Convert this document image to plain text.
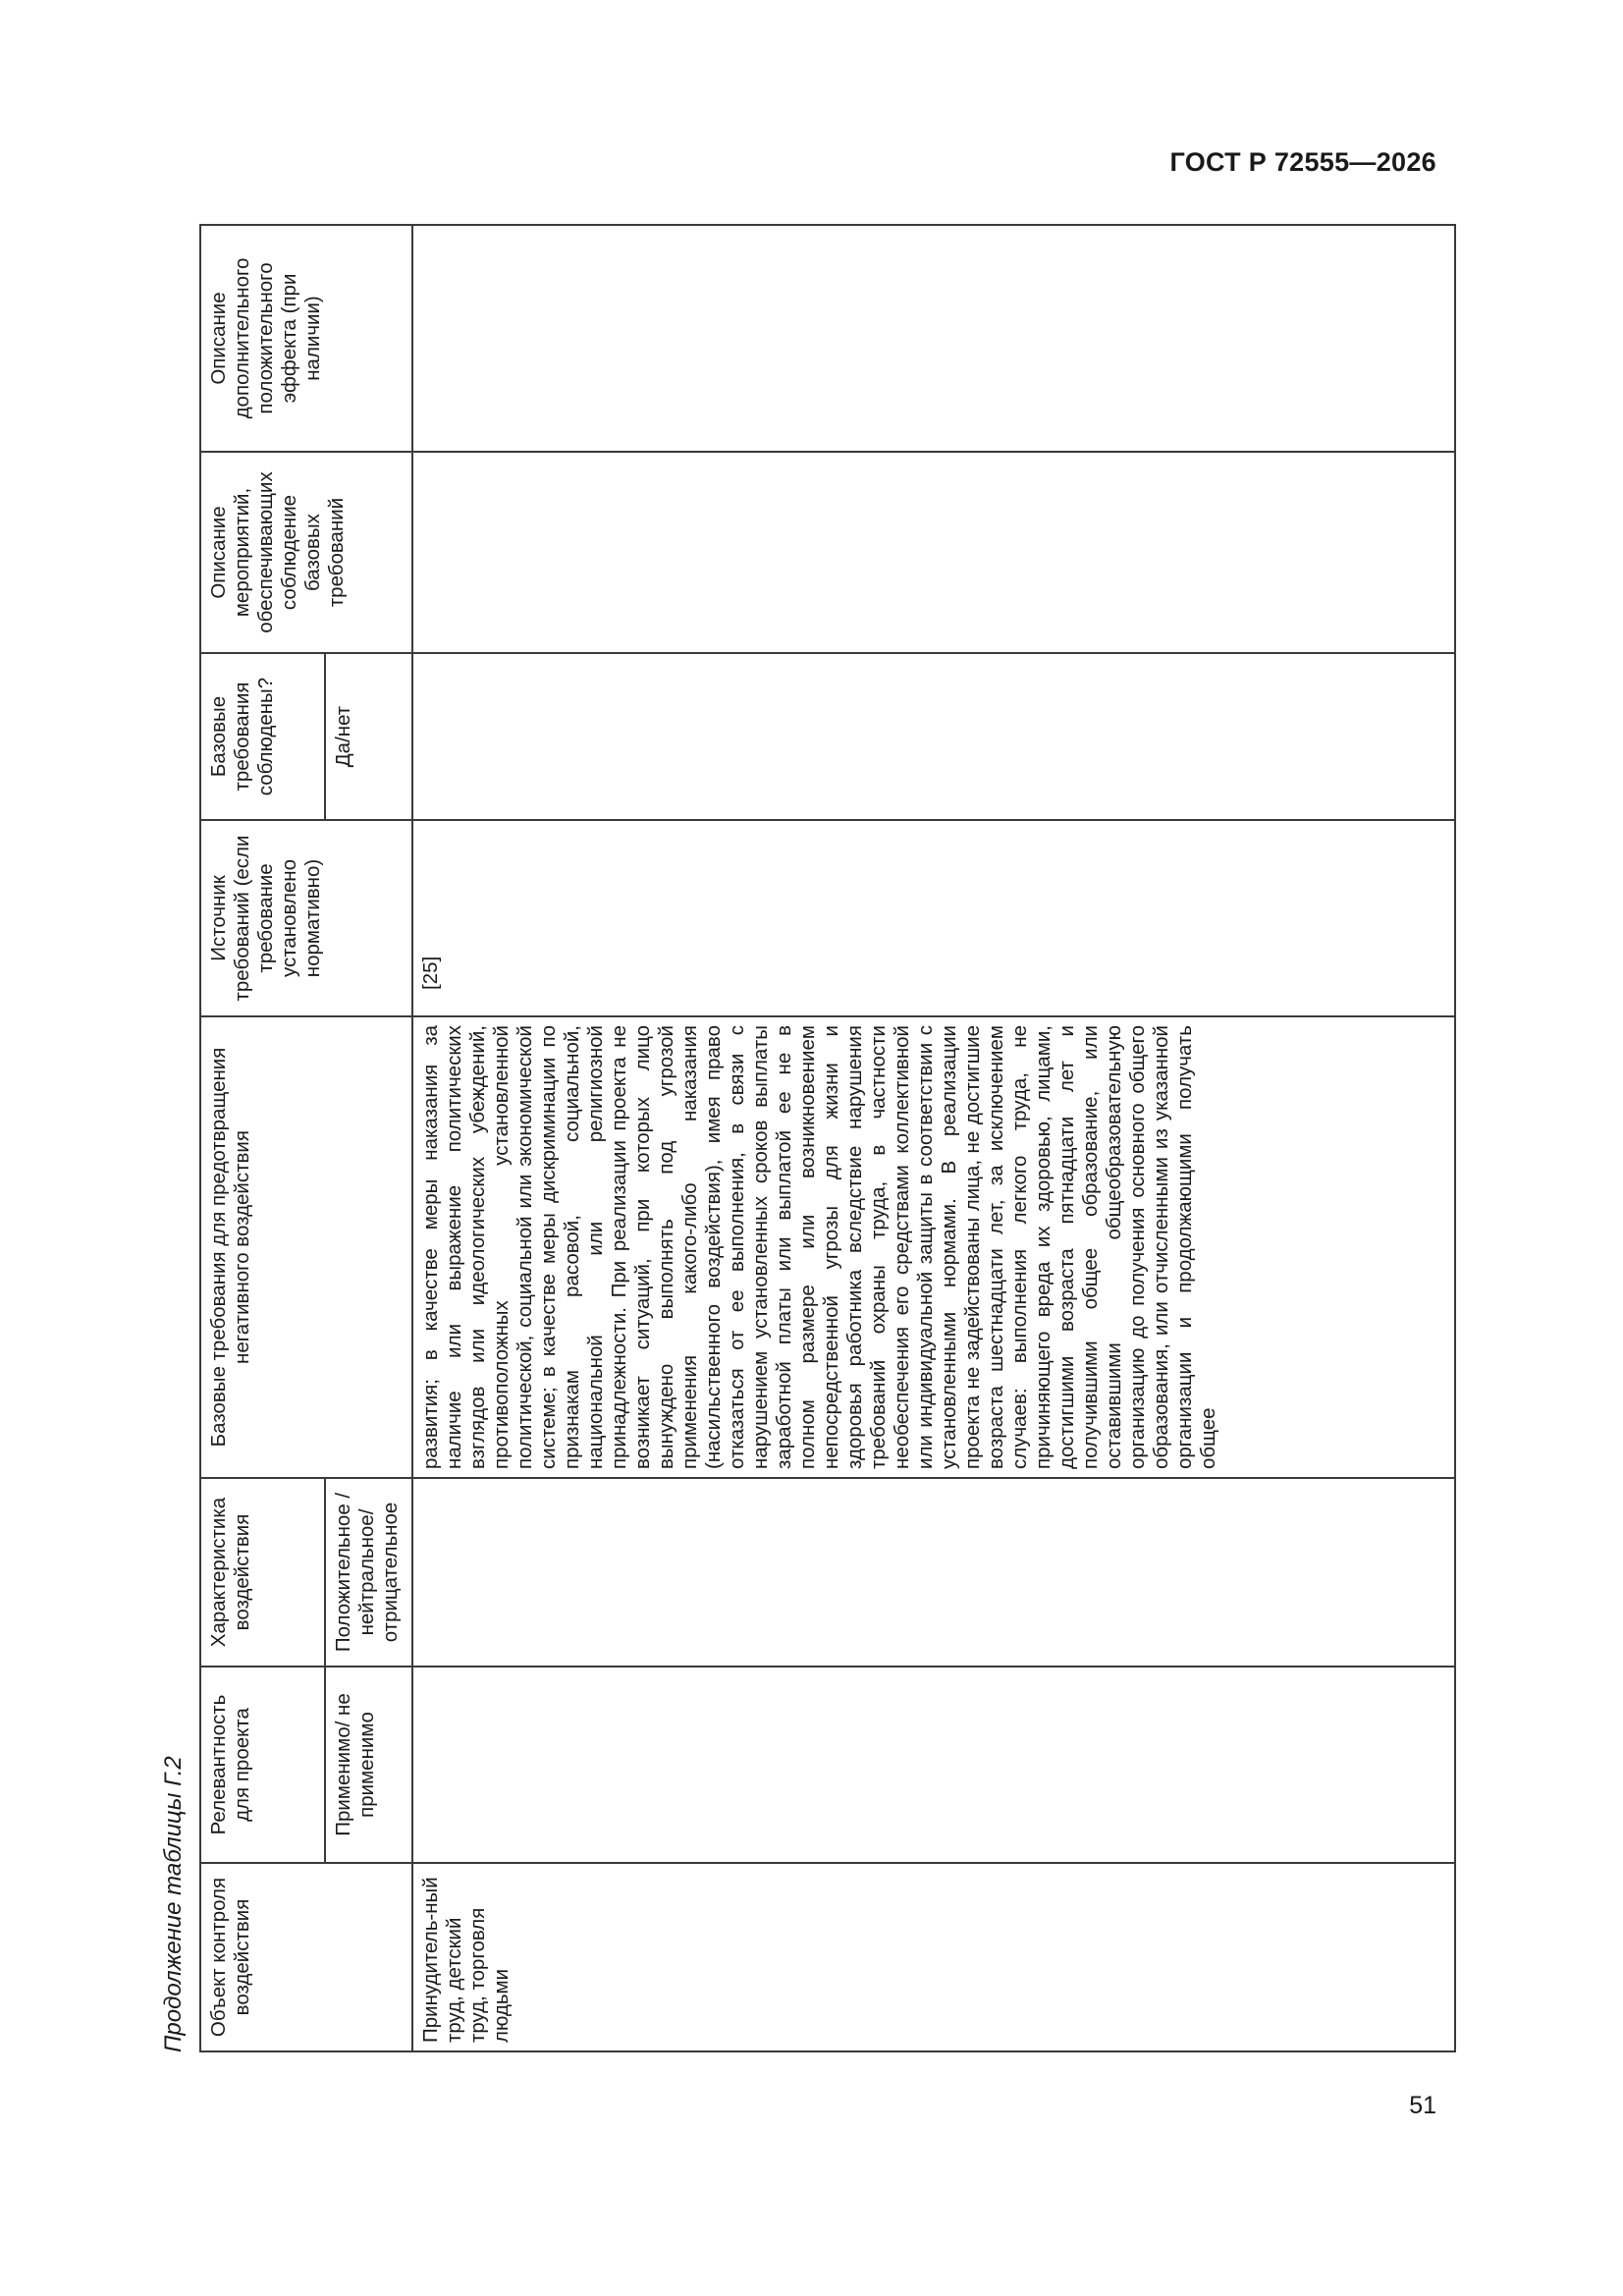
ГОСТ Р 72555—2026
51
Продолжение таблицы Г.2 Объект контроля воздействия	Релевантность для проекта	Характеристика воздействия	Базовые требования для предотвращения негативного воздействия	Источник требований (если требование установлено нормативно)	Базовые требования соблюдены?	Описание мероприятий, обеспечивающих соблюдение базовых требований	Описание дополнительного положительного эффекта (при наличии)
	Применимо/ не применимо	Положительное /нейтральное/ отрицательное			Да/нет		
Принудитель-ный труд, детский труд, торговля людьми			развития; в качестве меры наказания за наличие или выражение политических взглядов или идеологических убеждений, противоположных установленной политической, социальной или экономической системе; в качестве меры дискриминации по признакам расовой, социальной, национальной или религиозной принадлежности. При реализации проекта не возникает ситуаций, при которых лицо вынуждено выполнять под угрозой применения какого-либо наказания (насильственного воздействия), имея право отказаться от ее выполнения, в связи с нарушением установленных сроков выплаты заработной платы или выплатой ее не в полном размере или возникновением непосредственной угрозы для жизни и здоровья работника вследствие нарушения требований охраны труда, в частности необеспечения его средствами коллективной или индивидуальной защиты в соответствии с установленными нормами. В реализации проекта не задействованы лица, не достигшие возраста шестнадцати лет, за исключением случаев: выполнения легкого труда, не причиняющего вреда их здоровью, лицами, достигшими возраста пятнадцати лет и получившими общее образование, или оставившими общеобразовательную организацию до получения основного общего образования, или отчисленными из указанной организации и продолжающими получать общее	[25]			
